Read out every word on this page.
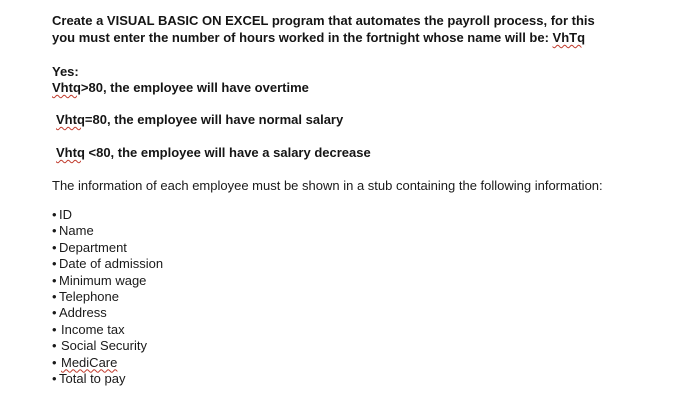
Create a VISUAL BASIC ON EXCEL program that automates the payroll process, for this
you must enter the number of hours worked in the fortnight whose name will be: VhTq
Yes:
Vhtq>80, the employee will have overtime
Vhtq=80, the employee will have normal salary
Vhtq <80, the employee will have a salary decrease
The information of each employee must be shown in a stub containing the following information:
• ID
• Name
• Department
• Date of admission
• Minimum wage
• Telephone
• Address
• Income tax
• Social Security
• MediCare
• Total to pay
